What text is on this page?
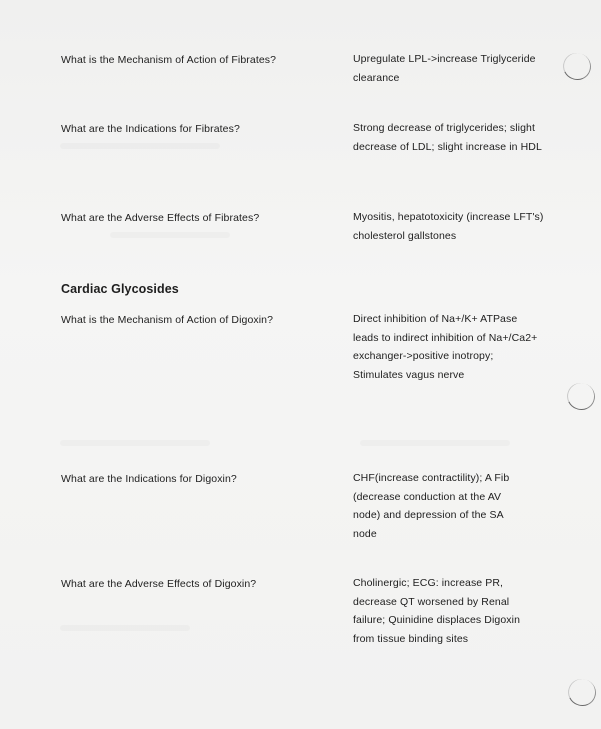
What is the Mechanism of Action of Fibrates?	Upregulate LPL->increase Triglyceride clearance
What are the Indications for Fibrates?	Strong decrease of triglycerides; slight decrease of LDL; slight increase in HDL
What are the Adverse Effects of Fibrates?	Myositis, hepatotoxicity (increase LFT's) cholesterol gallstones
Cardiac Glycosides
What is the Mechanism of Action of Digoxin?	Direct inhibition of Na+/K+ ATPase leads to indirect inhibition of Na+/Ca2+ exchanger->positive inotropy; Stimulates vagus nerve
What are the Indications for Digoxin?	CHF(increase contractility); A Fib (decrease conduction at the AV node) and depression of the SA node
What are the Adverse Effects of Digoxin?	Cholinergic; ECG: increase PR, decrease QT worsened by Renal failure; Quinidine displaces Digoxin from tissue binding sites
